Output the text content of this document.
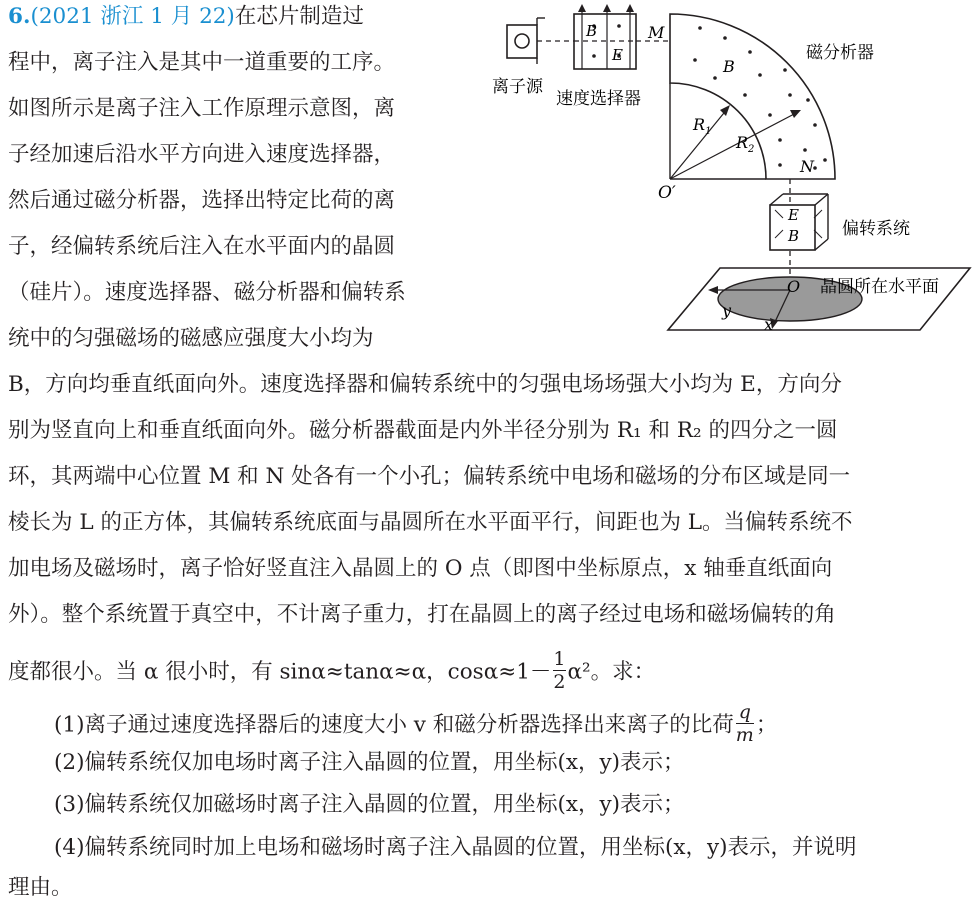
6.(2021 浙江 1 月 22)在芯片制造过
程中，离子注入是其中一道重要的工序。
如图所示是离子注入工作原理示意图，离
子经加速后沿水平方向进入速度选择器，
然后通过磁分析器，选择出特定比荷的离
子，经偏转系统后注入在水平面内的晶圆
（硅片）。速度选择器、磁分析器和偏转系
统中的匀强磁场的磁感应强度大小均为
B，方向均垂直纸面向外。速度选择器和偏转系统中的匀强电场场强大小均为 E，方向分
别为竖直向上和垂直纸面向外。磁分析器截面是内外半径分别为 R₁ 和 R₂ 的四分之一圆
环，其两端中心位置 M 和 N 处各有一个小孔；偏转系统中电场和磁场的分布区域是同一
棱长为 L 的正方体，其偏转系统底面与晶圆所在水平面平行，间距也为 L。当偏转系统不
加电场及磁场时，离子恰好竖直注入晶圆上的 O 点（即图中坐标原点，x 轴垂直纸面向
外）。整个系统置于真空中，不计离子重力，打在晶圆上的离子经过电场和磁场偏转的角
度都很小。当 α 很小时，有 sinα≈tanα≈α，$\cos\alpha\approx 1- \frac{1}{2} \alpha^2$。求：
(1)离子通过速度选择器后的速度大小 v 和磁分析器选择出来离子的比荷 $\frac{q}{m}$ ；
(2)偏转系统仅加电场时离子注入晶圆的位置，用坐标(x，y)表示；
(3)偏转系统仅加磁场时离子注入晶圆的位置，用坐标(x，y)表示；
(4)偏转系统同时加上电场和磁场时离子注入晶圆的位置，用坐标(x，y)表示，并说明
理由。
离子源
B
E
速度选择器
M
N
B
$R_1$
$R_2$
O′
磁分析器
E
B	偏转系统
O
y
x
晶圆所在水平面
